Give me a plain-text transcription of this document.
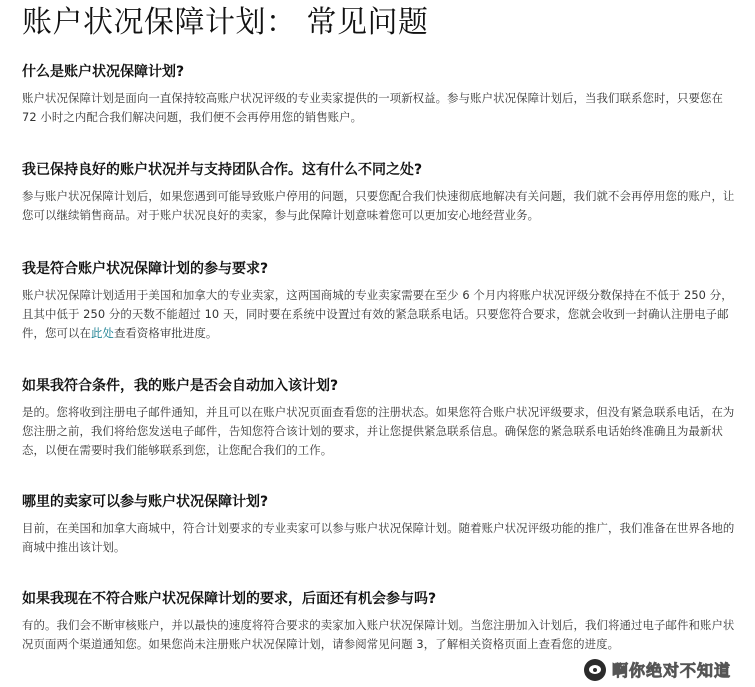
账户状况保障计划： 常见问题
什么是账户状况保障计划?

账户状况保障计划是面向一直保持较高账户状况评级的专业卖家提供的一项新权益。参与账户状况保障计划后，当我们联系您时，只要您在 72 小时之内配合我们解决问题，我们便不会再停用您的销售账户。

我已保持良好的账户状况并与支持团队合作。这有什么不同之处?

参与账户状况保障计划后，如果您遇到可能导致账户停用的问题，只要您配合我们快速彻底地解决有关问题，我们就不会再停用您的账户，让您可以继续销售商品。对于账户状况良好的卖家，参与此保障计划意味着您可以更加安心地经营业务。

我是符合账户状况保障计划的参与要求?

账户状况保障计划适用于美国和加拿大的专业卖家，这两国商城的专业卖家需要在至少 6 个月内将账户状况评级分数保持在不低于 250 分，且其中低于 250 分的天数不能超过 10 天，同时要在系统中设置过有效的紧急联系电话。只要您符合要求，您就会收到一封确认注册电子邮件，您可以在此处查看资格审批进度。

如果我符合条件，我的账户是否会自动加入该计划?

是的。您将收到注册电子邮件通知，并且可以在账户状况页面查看您的注册状态。如果您符合账户状况评级要求，但没有紧急联系电话，在为您注册之前，我们将给您发送电子邮件，告知您符合该计划的要求，并让您提供紧急联系信息。确保您的紧急联系电话始终准确且为最新状态，以便在需要时我们能够联系到您，让您配合我们的工作。

哪里的卖家可以参与账户状况保障计划?

目前，在美国和加拿大商城中，符合计划要求的专业卖家可以参与账户状况保障计划。随着账户状况评级功能的推广，我们准备在世界各地的商城中推出该计划。

如果我现在不符合账户状况保障计划的要求，后面还有机会参与吗?

有的。我们会不断审核账户，并以最快的速度将符合要求的卖家加入账户状况保障计划。当您注册加入计划后，我们将通过电子邮件和账户状况页面两个渠道通知您。如果您尚未注册账户状况保障计划，请参阅常见问题 3，了解相关资格页面上查看您的进度。

啊你绝对不知道
